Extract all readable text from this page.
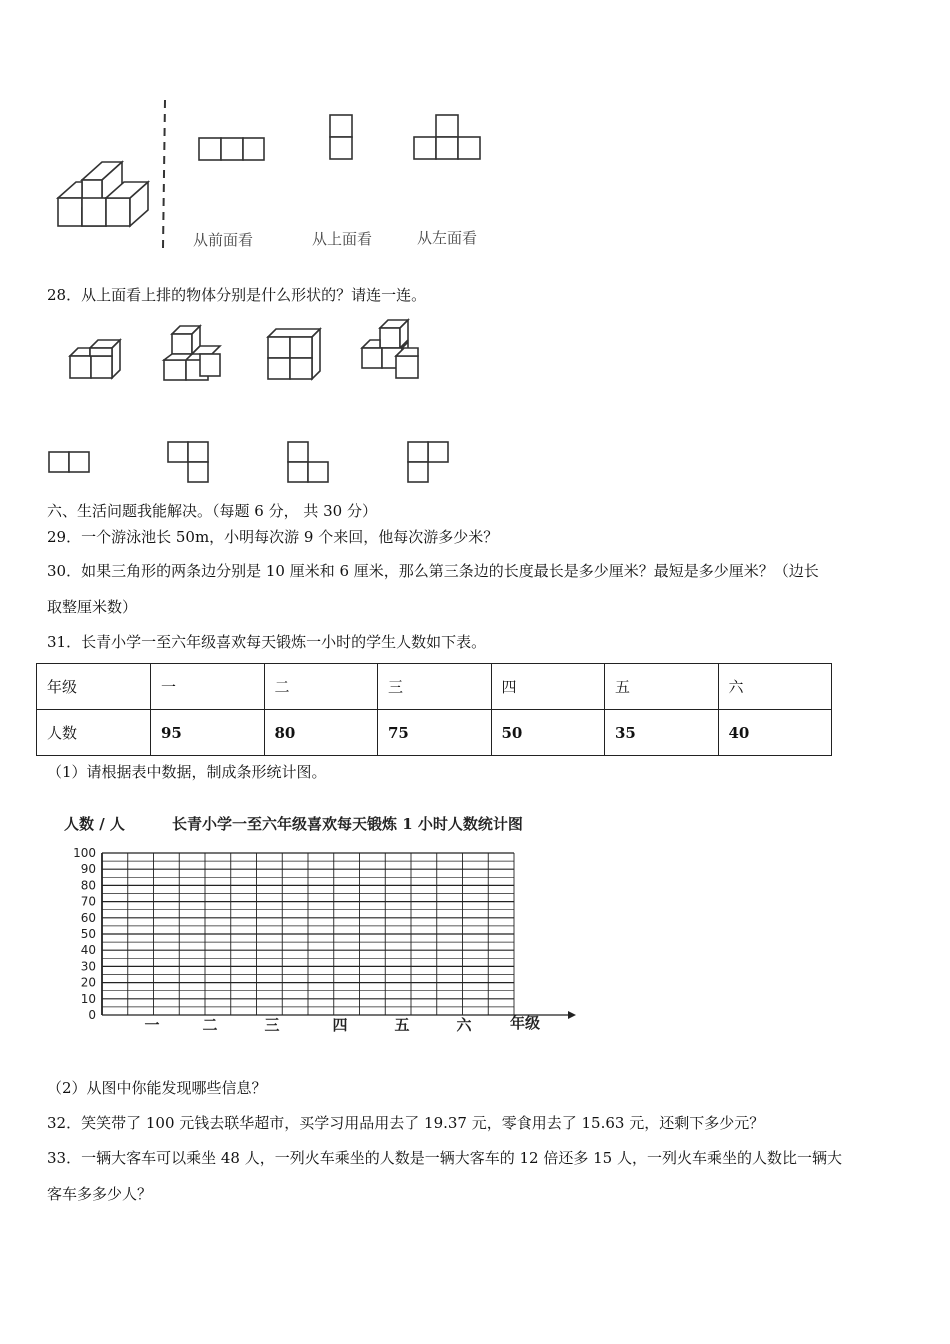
从前面看	从上面看	从左面看
28．从上面看上排的物体分别是什么形状的？请连一连。
六、生活问题我能解决。（每题 6 分， 共 30 分）
29．一个游泳池长 50m，小明每次游 9 个来回，他每次游多少米？
30．如果三角形的两条边分别是 10 厘米和 6 厘米，那么第三条边的长度最长是多少厘米？最短是多少厘米？（边长
取整厘米数）
31．长青小学一至六年级喜欢每天锻炼一小时的学生人数如下表。
年级	一	二	三	四	五	六
人数	95	80	75	50	35	40
（1）请根据表中数据，制成条形统计图。
人数 / 人	长青小学一至六年级喜欢每天锻炼 1 小时人数统计图
0
10
20
30
40
50
60
70
80
90
100
一	二	三	四	五	六	年级
（2）从图中你能发现哪些信息？
32．笑笑带了 100 元钱去联华超市，买学习用品用去了 19.37 元，零食用去了 15.63 元，还剩下多少元？
33．一辆大客车可以乘坐 48 人，一列火车乘坐的人数是一辆大客车的 12 倍还多 15 人，一列火车乘坐的人数比一辆大
客车多多少人？
